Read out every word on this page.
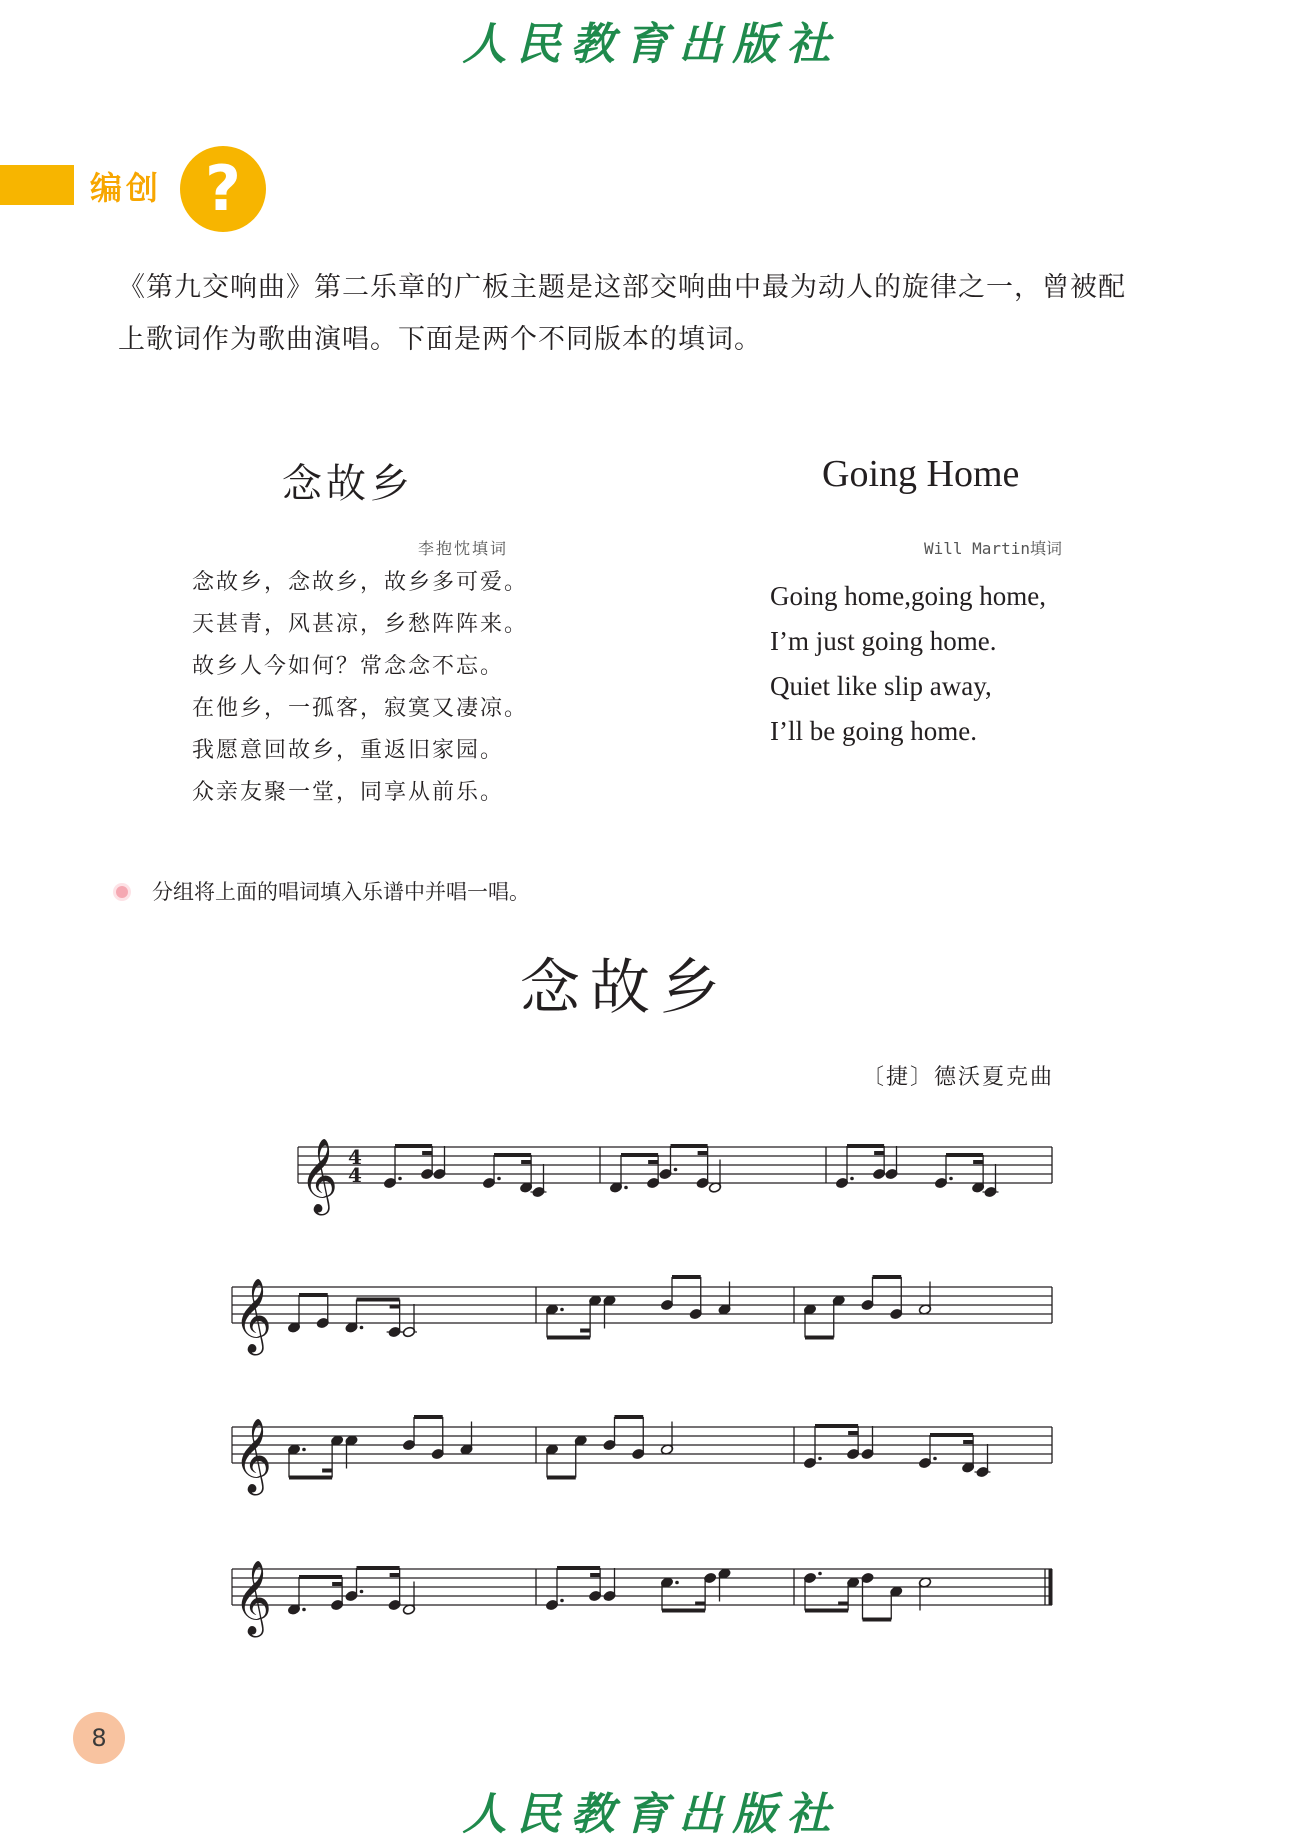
人民教育出版社
编创 ?
《第九交响曲》第二乐章的广板主题是这部交响曲中最为动人的旋律之一，曾被配上歌词作为歌曲演唱。下面是两个不同版本的填词。
念故乡
李抱忱填词
念故乡，念故乡，故乡多可爱。
天甚青，风甚凉，乡愁阵阵来。
故乡人今如何？常念念不忘。
在他乡，一孤客，寂寞又凄凉。
我愿意回故乡，重返旧家园。
众亲友聚一堂，同享从前乐。
Going Home
Will Martin填词
Going home,going home,
I’m just going home.
Quiet like slip away,
I’ll be going home.
分组将上面的唱词填入乐谱中并唱一唱。
念故乡
〔捷〕德沃夏克曲
𝄞 4
4
𝄞
𝄞
𝄞
8
人民教育出版社
